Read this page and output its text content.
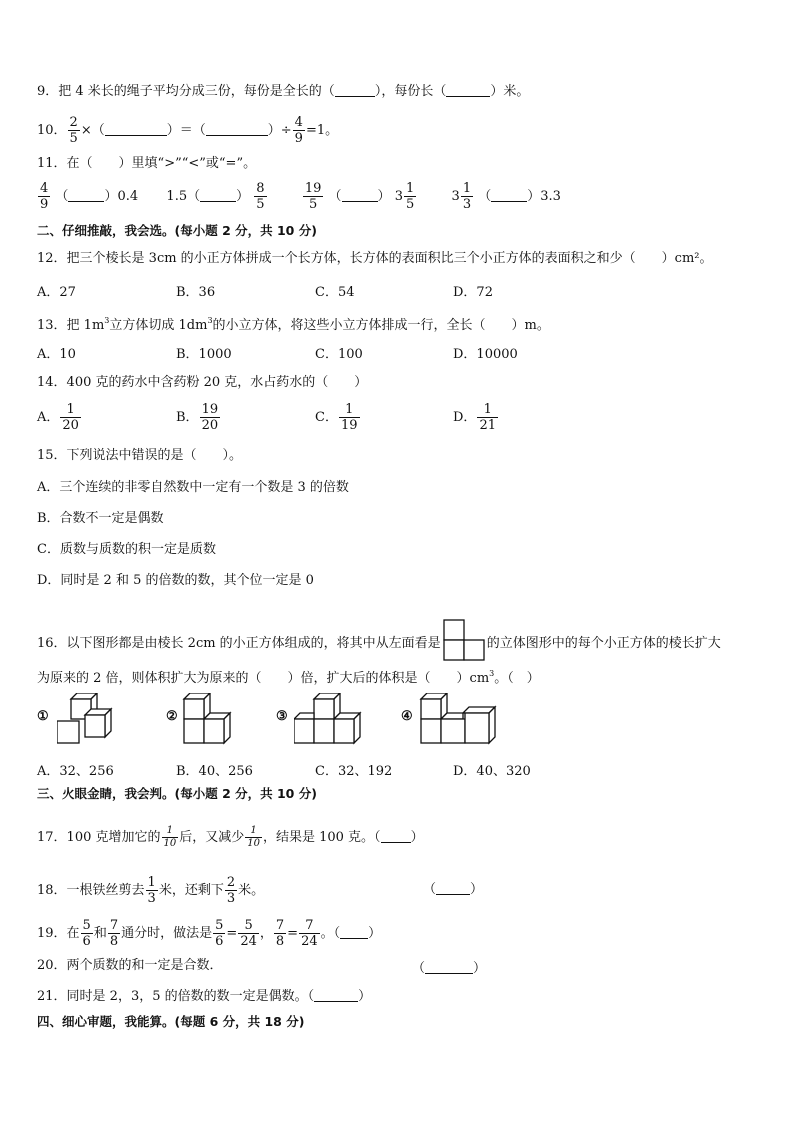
9．把 4 米长的绳子平均分成三份，每份是全长的（	），每份长（	）米。
10． $\frac{2}{5}$ ×（	）＝（	）÷ $\frac{4}{9} =1$。
11．在（　　）里填“>”“<”或“=”。
$\frac{4}{9}$ （	）0.4 1.5（	） $\frac{8}{5}$
	$\frac{19}{5}$ （	） $3 \frac{1}{5}$	$3 \frac{1}{3}$ （	）3.3
二、仔细推敲，我会选。(每小题 2 分，共 10 分)
12．把三个棱长是 3cm 的小正方体拼成一个长方体，长方体的表面积比三个小正方体的表面积之和少（　　）cm²。
A．27	B．36	C．54	D．72
13．把 $1m^3$立方体切成 $1dm^3$的小立方体，将这些小立方体排成一行，全长（　　）m。
A．10	B．1000	C．100	D．10000
14．400 克的药水中含药粉 20 克，水占药水的（　　）
A． $\frac{1}{20}$	B． $\frac{19}{20}$	C． $\frac{1}{19}$	D． $\frac{1}{21}$
15．下列说法中错误的是（　　）。
A．三个连续的非零自然数中一定有一个数是 3 的倍数
B．合数不一定是偶数
C．质数与质数的积一定是质数
D．同时是 2 和 5 的倍数的数，其个位一定是 0
16．以下图形都是由棱长 2cm 的小正方体组成的，将其中从左面看是	的立体图形中的每个小正方体的棱长扩大
为原来的 2 倍，则体积扩大为原来的（　　）倍，扩大后的体积是（　　）$cm^3$。（　）
①	②	③	④
A．32、256	B．40、256	C．32、192	D．40、320
三、火眼金睛，我会判。(每小题 2 分，共 10 分)
17．100 克增加它的 $\frac{1}{10}$ 后，又减少 $\frac{1}{10}$ ，结果是 100 克。（ ）
18．一根铁丝剪去 $\frac{1}{3}$ 米，还剩下 $\frac{2}{3}$ 米。	（	）
19．在 $\frac{5}{6}$ 和 $\frac{7}{8}$ 通分时，做法是 $\frac{5}{6} = \frac{5}{24}$ ， $\frac{7}{8} = \frac{7}{24}$ 。（ ）
20．两个质数的和一定是合数．	（	）
21．同时是 2，3，5 的倍数的数一定是偶数。（	）
四、细心审题，我能算。(每题 6 分，共 18 分)
